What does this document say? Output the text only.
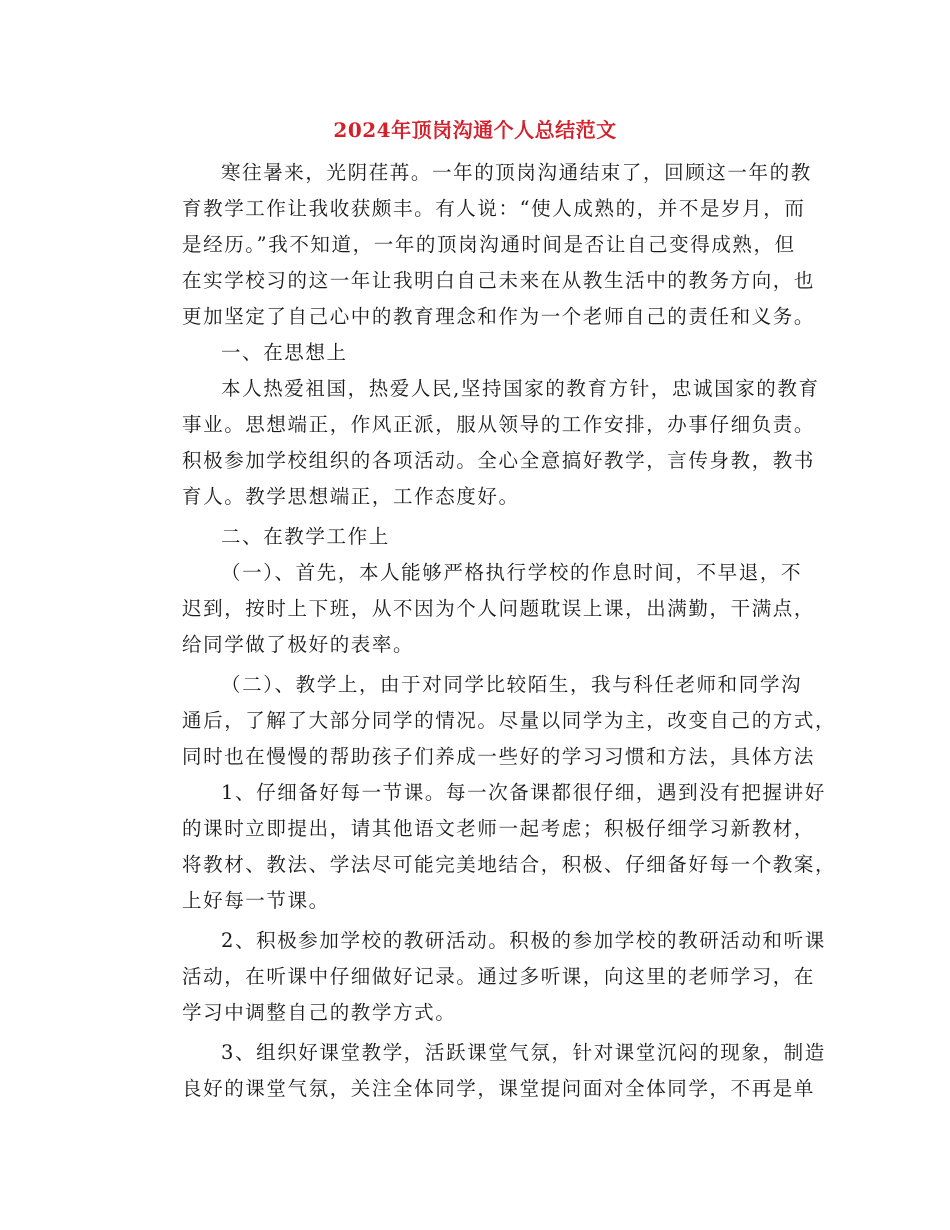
2024年顶岗沟通个人总结范文
寒往暑来，光阴荏苒。一年的顶岗沟通结束了，回顾这一年的教
育教学工作让我收获颇丰。有人说：“使人成熟的，并不是岁月，而
是经历。”我不知道，一年的顶岗沟通时间是否让自己变得成熟，但
在实学校习的这一年让我明白自己未来在从教生活中的教务方向，也
更加坚定了自己心中的教育理念和作为一个老师自己的责任和义务。
一、在思想上
本人热爱祖国，热爱人民,坚持国家的教育方针，忠诚国家的教育
事业。思想端正，作风正派，服从领导的工作安排，办事仔细负责。
积极参加学校组织的各项活动。全心全意搞好教学，言传身教，教书
育人。教学思想端正，工作态度好。
二、在教学工作上
（一）、首先，本人能够严格执行学校的作息时间，不早退，不
迟到，按时上下班，从不因为个人问题耽误上课，出满勤，干满点，
给同学做了极好的表率。
（二）、教学上，由于对同学比较陌生，我与科任老师和同学沟
通后，了解了大部分同学的情况。尽量以同学为主，改变自己的方式，
同时也在慢慢的帮助孩子们养成一些好的学习习惯和方法，具体方法
1、仔细备好每一节课。每一次备课都很仔细，遇到没有把握讲好
的课时立即提出，请其他语文老师一起考虑；积极仔细学习新教材，
将教材、教法、学法尽可能完美地结合，积极、仔细备好每一个教案，
上好每一节课。
2、积极参加学校的教研活动。积极的参加学校的教研活动和听课
活动，在听课中仔细做好记录。通过多听课，向这里的老师学习，在
学习中调整自己的教学方式。
3、组织好课堂教学，活跃课堂气氛，针对课堂沉闷的现象，制造
良好的课堂气氛，关注全体同学，课堂提问面对全体同学，不再是单
